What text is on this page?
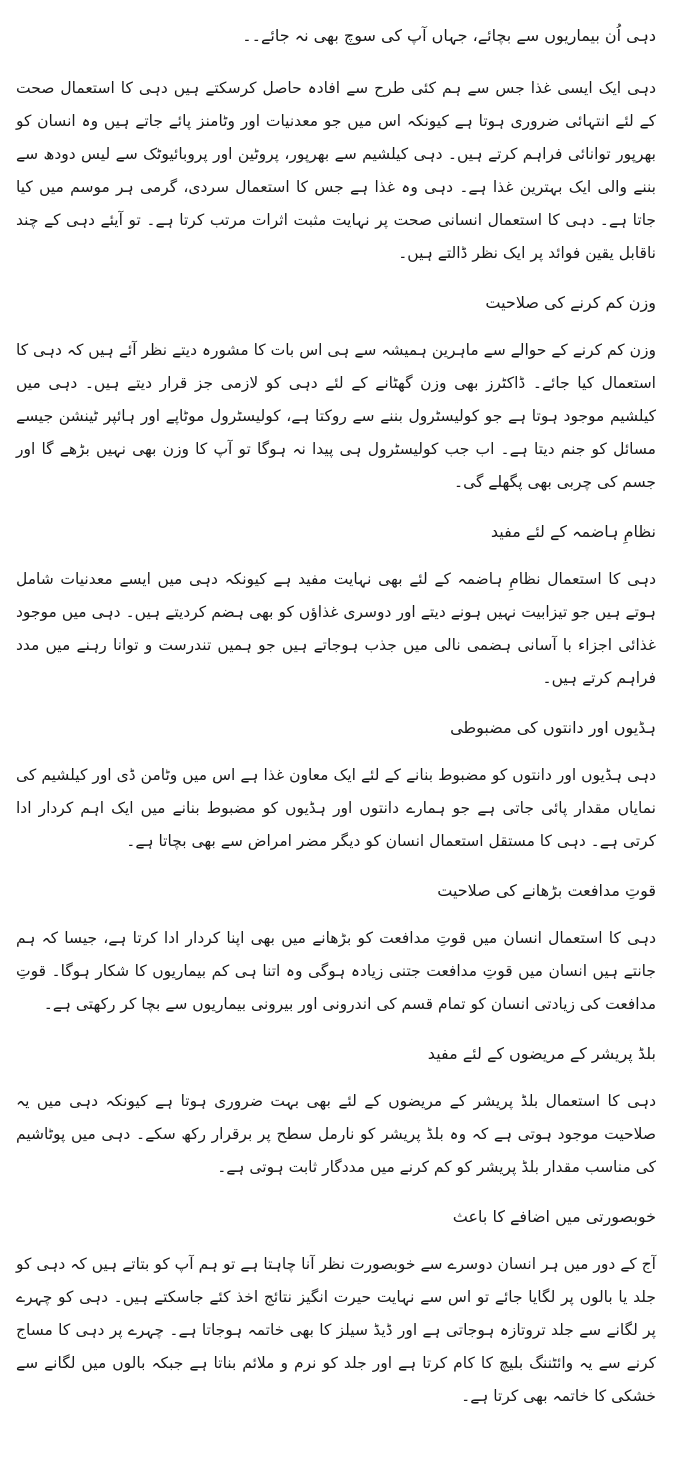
دہی اُن بیماریوں سے بچائے، جہاں آپ کی سوچ بھی نہ جائے۔۔

دہی ایک ایسی غذا جس سے ہم کئی طرح سے افادہ حاصل کرسکتے ہیں دہی کا استعمال صحت کے لئے انتہائی ضروری ہوتا ہے کیونکہ اس میں جو معدنیات اور وٹامنز پائے جاتے ہیں وہ انسان کو بھرپور توانائی فراہم کرتے ہیں۔ دہی کیلشیم سے بھرپور، پروٹین اور پروبائیوٹک سے لیس دودھ سے بننے والی ایک بہترین غذا ہے۔ دہی وہ غذا ہے جس کا استعمال سردی، گرمی ہر موسم میں کیا جاتا ہے۔ دہی کا استعمال انسانی صحت پر نہایت مثبت اثرات مرتب کرتا ہے۔ تو آیئے دہی کے چند ناقابل یقین فوائد پر ایک نظر ڈالتے ہیں۔

وزن کم کرنے کی صلاحیت

وزن کم کرنے کے حوالے سے ماہرین ہمیشہ سے ہی اس بات کا مشورہ دیتے نظر آئے ہیں کہ دہی کا استعمال کیا جائے۔ ڈاکٹرز بھی وزن گھٹانے کے لئے دہی کو لازمی جز قرار دیتے ہیں۔ دہی میں کیلشیم موجود ہوتا ہے جو کولیسٹرول بننے سے روکتا ہے، کولیسٹرول موٹاپے اور ہائپر ٹینشن جیسے مسائل کو جنم دیتا ہے۔ اب جب کولیسٹرول ہی پیدا نہ ہوگا تو آپ کا وزن بھی نہیں بڑھے گا اور جسم کی چربی بھی پگھلے گی۔

نظامِ ہاضمہ کے لئے مفید

دہی کا استعمال نظامِ ہاضمہ کے لئے بھی نہایت مفید ہے کیونکہ دہی میں ایسے معدنیات شامل ہوتے ہیں جو تیزابیت نہیں ہونے دیتے اور دوسری غذاؤں کو بھی ہضم کردیتے ہیں۔ دہی میں موجود غذائی اجزاء با آسانی ہضمی نالی میں جذب ہوجاتے ہیں جو ہمیں تندرست و توانا رہنے میں مدد فراہم کرتے ہیں۔

ہڈیوں اور دانتوں کی مضبوطی

دہی ہڈیوں اور دانتوں کو مضبوط بنانے کے لئے ایک معاون غذا ہے اس میں وٹامن ڈی اور کیلشیم کی نمایاں مقدار پائی جاتی ہے جو ہمارے دانتوں اور ہڈیوں کو مضبوط بنانے میں ایک اہم کردار ادا کرتی ہے۔ دہی کا مستقل استعمال انسان کو دیگر مضر امراض سے بھی بچاتا ہے۔

قوتِ مدافعت بڑھانے کی صلاحیت

دہی کا استعمال انسان میں قوتِ مدافعت کو بڑھانے میں بھی اپنا کردار ادا کرتا ہے، جیسا کہ ہم جانتے ہیں انسان میں قوتِ مدافعت جتنی زیادہ ہوگی وہ اتنا ہی کم بیماریوں کا شکار ہوگا۔ قوتِ مدافعت کی زیادتی انسان کو تمام قسم کی اندرونی اور بیرونی بیماریوں سے بچا کر رکھتی ہے۔

بلڈ پریشر کے مریضوں کے لئے مفید

دہی کا استعمال بلڈ پریشر کے مریضوں کے لئے بھی بہت ضروری ہوتا ہے کیونکہ دہی میں یہ صلاحیت موجود ہوتی ہے کہ وہ بلڈ پریشر کو نارمل سطح پر برقرار رکھ سکے۔ دہی میں پوٹاشیم کی مناسب مقدار بلڈ پریشر کو کم کرنے میں مددگار ثابت ہوتی ہے۔

خوبصورتی میں اضافے کا باعث

آج کے دور میں ہر انسان دوسرے سے خوبصورت نظر آنا چاہتا ہے تو ہم آپ کو بتاتے ہیں کہ دہی کو جلد یا بالوں پر لگایا جائے تو اس سے نہایت حیرت انگیز نتائج اخذ کئے جاسکتے ہیں۔ دہی کو چہرے پر لگانے سے جلد تروتازہ ہوجاتی ہے اور ڈیڈ سیلز کا بھی خاتمہ ہوجاتا ہے۔ چہرے پر دہی کا مساج کرنے سے یہ وائٹننگ بلیچ کا کام کرتا ہے اور جلد کو نرم و ملائم بناتا ہے جبکہ بالوں میں لگانے سے خشکی کا خاتمہ بھی کرتا ہے۔
